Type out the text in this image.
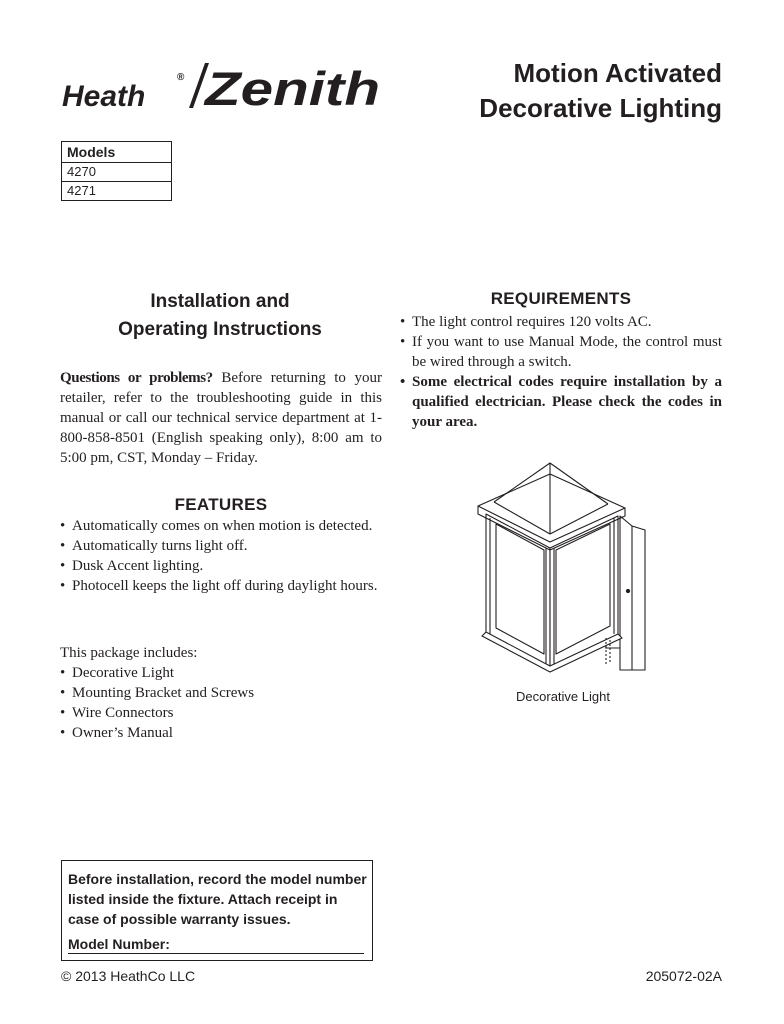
Heath
® Zenith	Motion Activated
Decorative Lighting
Models
4270
4271
Installation and
Operating Instructions
Questions or problems? Before returning to your retailer, refer to the troubleshooting guide in this manual or call our technical service department at 1-800-858-8501 (English speaking only), 8:00 am to 5:00 pm, CST, Monday – Friday.
FEATURES
• Automatically comes on when motion is detected.
• Automatically turns light off.
• Dusk Accent lighting.
• Photocell keeps the light off during daylight hours.
This package includes:
• Decorative Light
• Mounting Bracket and Screws
• Wire Connectors
• Owner’s Manual
REQUIREMENTS
• The light control requires 120 volts AC.
• If you want to use Manual Mode, the control must be wired through a switch.
• Some electrical codes require installation by a qualified electrician. Please check the codes in your area.
Decorative Light
Before installation, record the model number listed inside the fixture. Attach receipt in case of possible warranty issues.
Model Number:
© 2013 HeathCo LLC	205072-02A
